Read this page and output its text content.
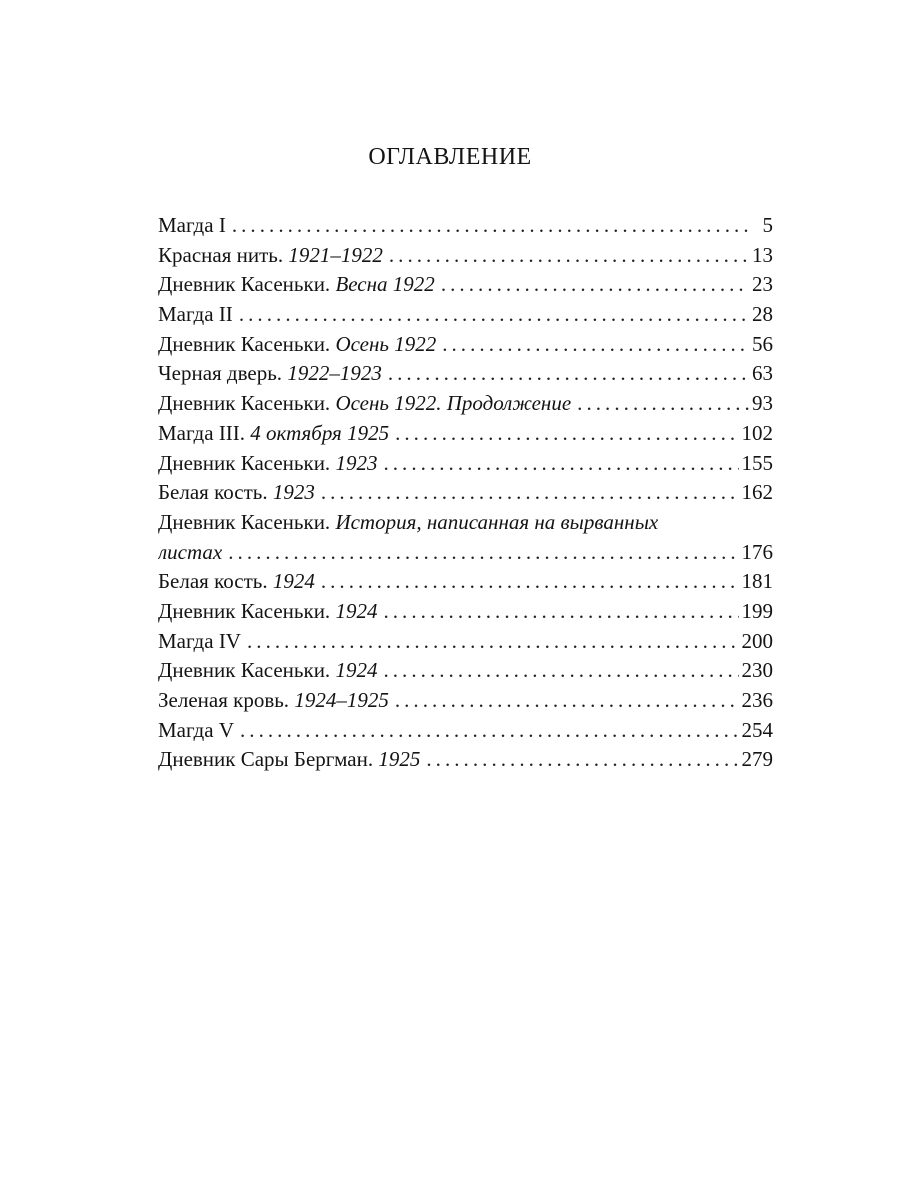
ОГЛАВЛЕНИЕ
Магда I . . .	5
Красная нить. 1921–1922 . . .	13
Дневник Касеньки. Весна 1922 . . .	23
Магда II . . .	28
Дневник Касеньки. Осень 1922 . . .	56
Черная дверь. 1922–1923 . . .	63
Дневник Касеньки. Осень 1922. Продолжение . . .	93
Магда III. 4 октября 1925 . . .	102
Дневник Касеньки. 1923 . . .	155
Белая кость. 1923 . . .	162
Дневник Касеньки. История, написанная на вырванных
листах . . .	176
Белая кость. 1924 . . .	181
Дневник Касеньки. 1924 . . .	199
Магда IV . . .	200
Дневник Касеньки. 1924 . . .	230
Зеленая кровь. 1924–1925 . . .	236
Магда V . . .	254
Дневник Сары Бергман. 1925 . . .	279
